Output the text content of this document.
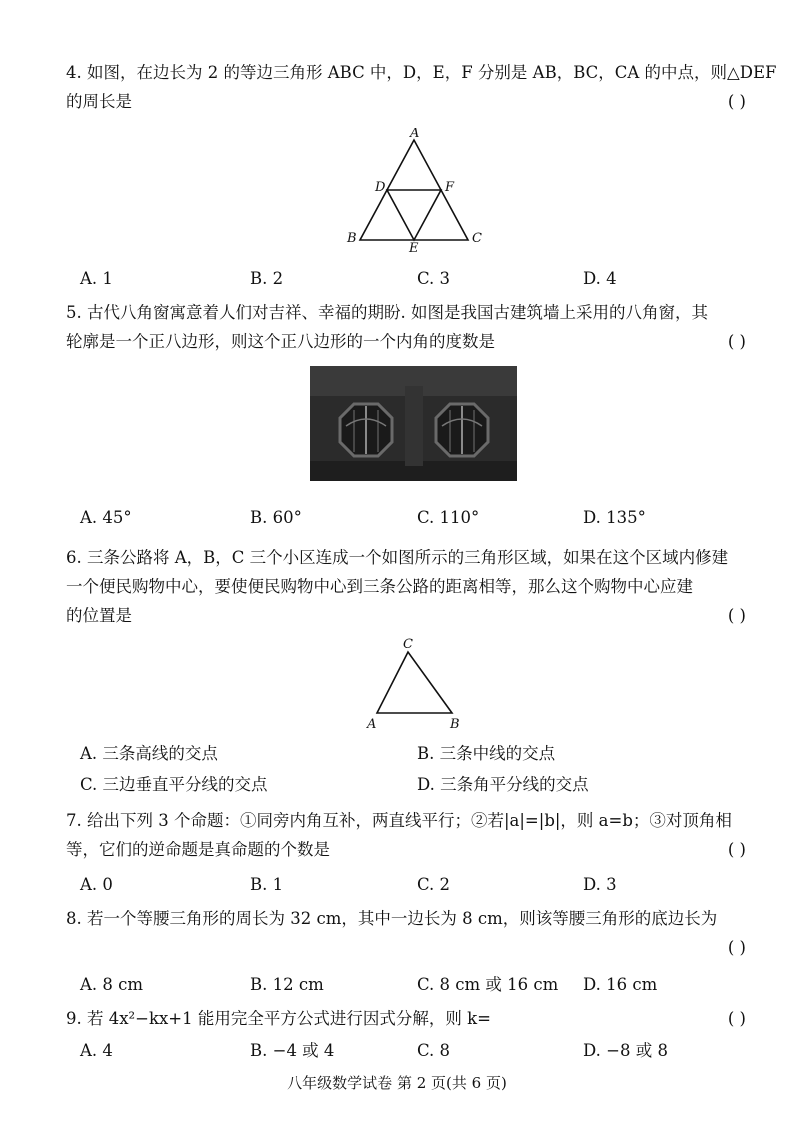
4. 如图，在边长为 2 的等边三角形 ABC 中，D，E，F 分别是 AB，BC，CA 的中点，则△DEF
的周长是	( )
A
B	C
D
E
F
A. 1	B. 2	C. 3	D. 4
5. 古代八角窗寓意着人们对吉祥、幸福的期盼. 如图是我国古建筑墙上采用的八角窗，其
轮廓是一个正八边形，则这个正八边形的一个内角的度数是	( )
A. 45°	B. 60°	C. 110°	D. 135°
6. 三条公路将 A，B，C 三个小区连成一个如图所示的三角形区域，如果在这个区域内修建
一个便民购物中心，要使便民购物中心到三条公路的距离相等，那么这个购物中心应建
的位置是	( )
C
A	B
A. 三条高线的交点	B. 三条中线的交点
C. 三边垂直平分线的交点	D. 三条角平分线的交点
7. 给出下列 3 个命题：①同旁内角互补，两直线平行；②若|a|=|b|，则 a=b；③对顶角相
等，它们的逆命题是真命题的个数是	( )
A. 0	B. 1	C. 2	D. 3
8. 若一个等腰三角形的周长为 32 cm，其中一边长为 8 cm，则该等腰三角形的底边长为
( )
A. 8 cm	B. 12 cm	C. 8 cm 或 16 cm D. 16 cm
9. 若 4x²−kx+1 能用完全平方公式进行因式分解，则 k=	( )
A. 4	B. −4 或 4	C. 8	D. −8 或 8
八年级数学试卷 第 2 页(共 6 页)
